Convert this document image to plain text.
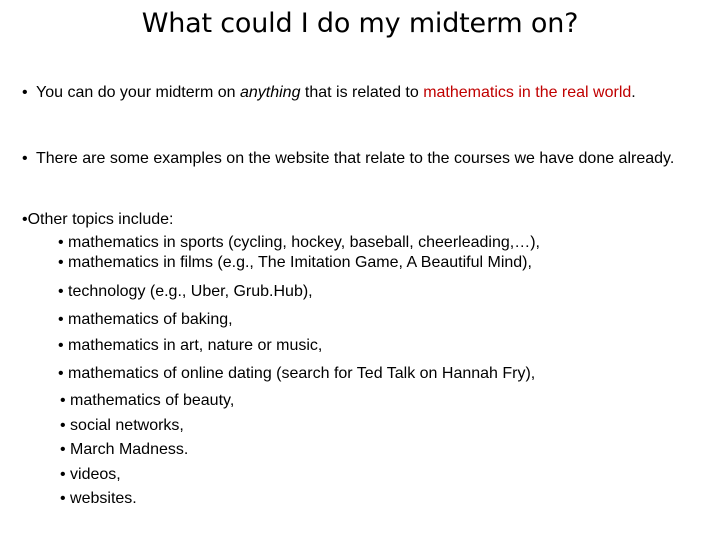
What could I do my midterm on?
• You can do your midterm on anything that is related to mathematics in the real world.
• There are some examples on the website that relate to the courses we have done already.
•Other topics include:
• mathematics in sports (cycling, hockey, baseball, cheerleading,…),
• mathematics in films (e.g., The Imitation Game, A Beautiful Mind),
• technology (e.g., Uber, Grub.Hub),
• mathematics of baking,
• mathematics in art, nature or music,
• mathematics of online dating (search for Ted Talk on Hannah Fry),
• mathematics of beauty,
• social networks,
• March Madness.
• videos,
• websites.
